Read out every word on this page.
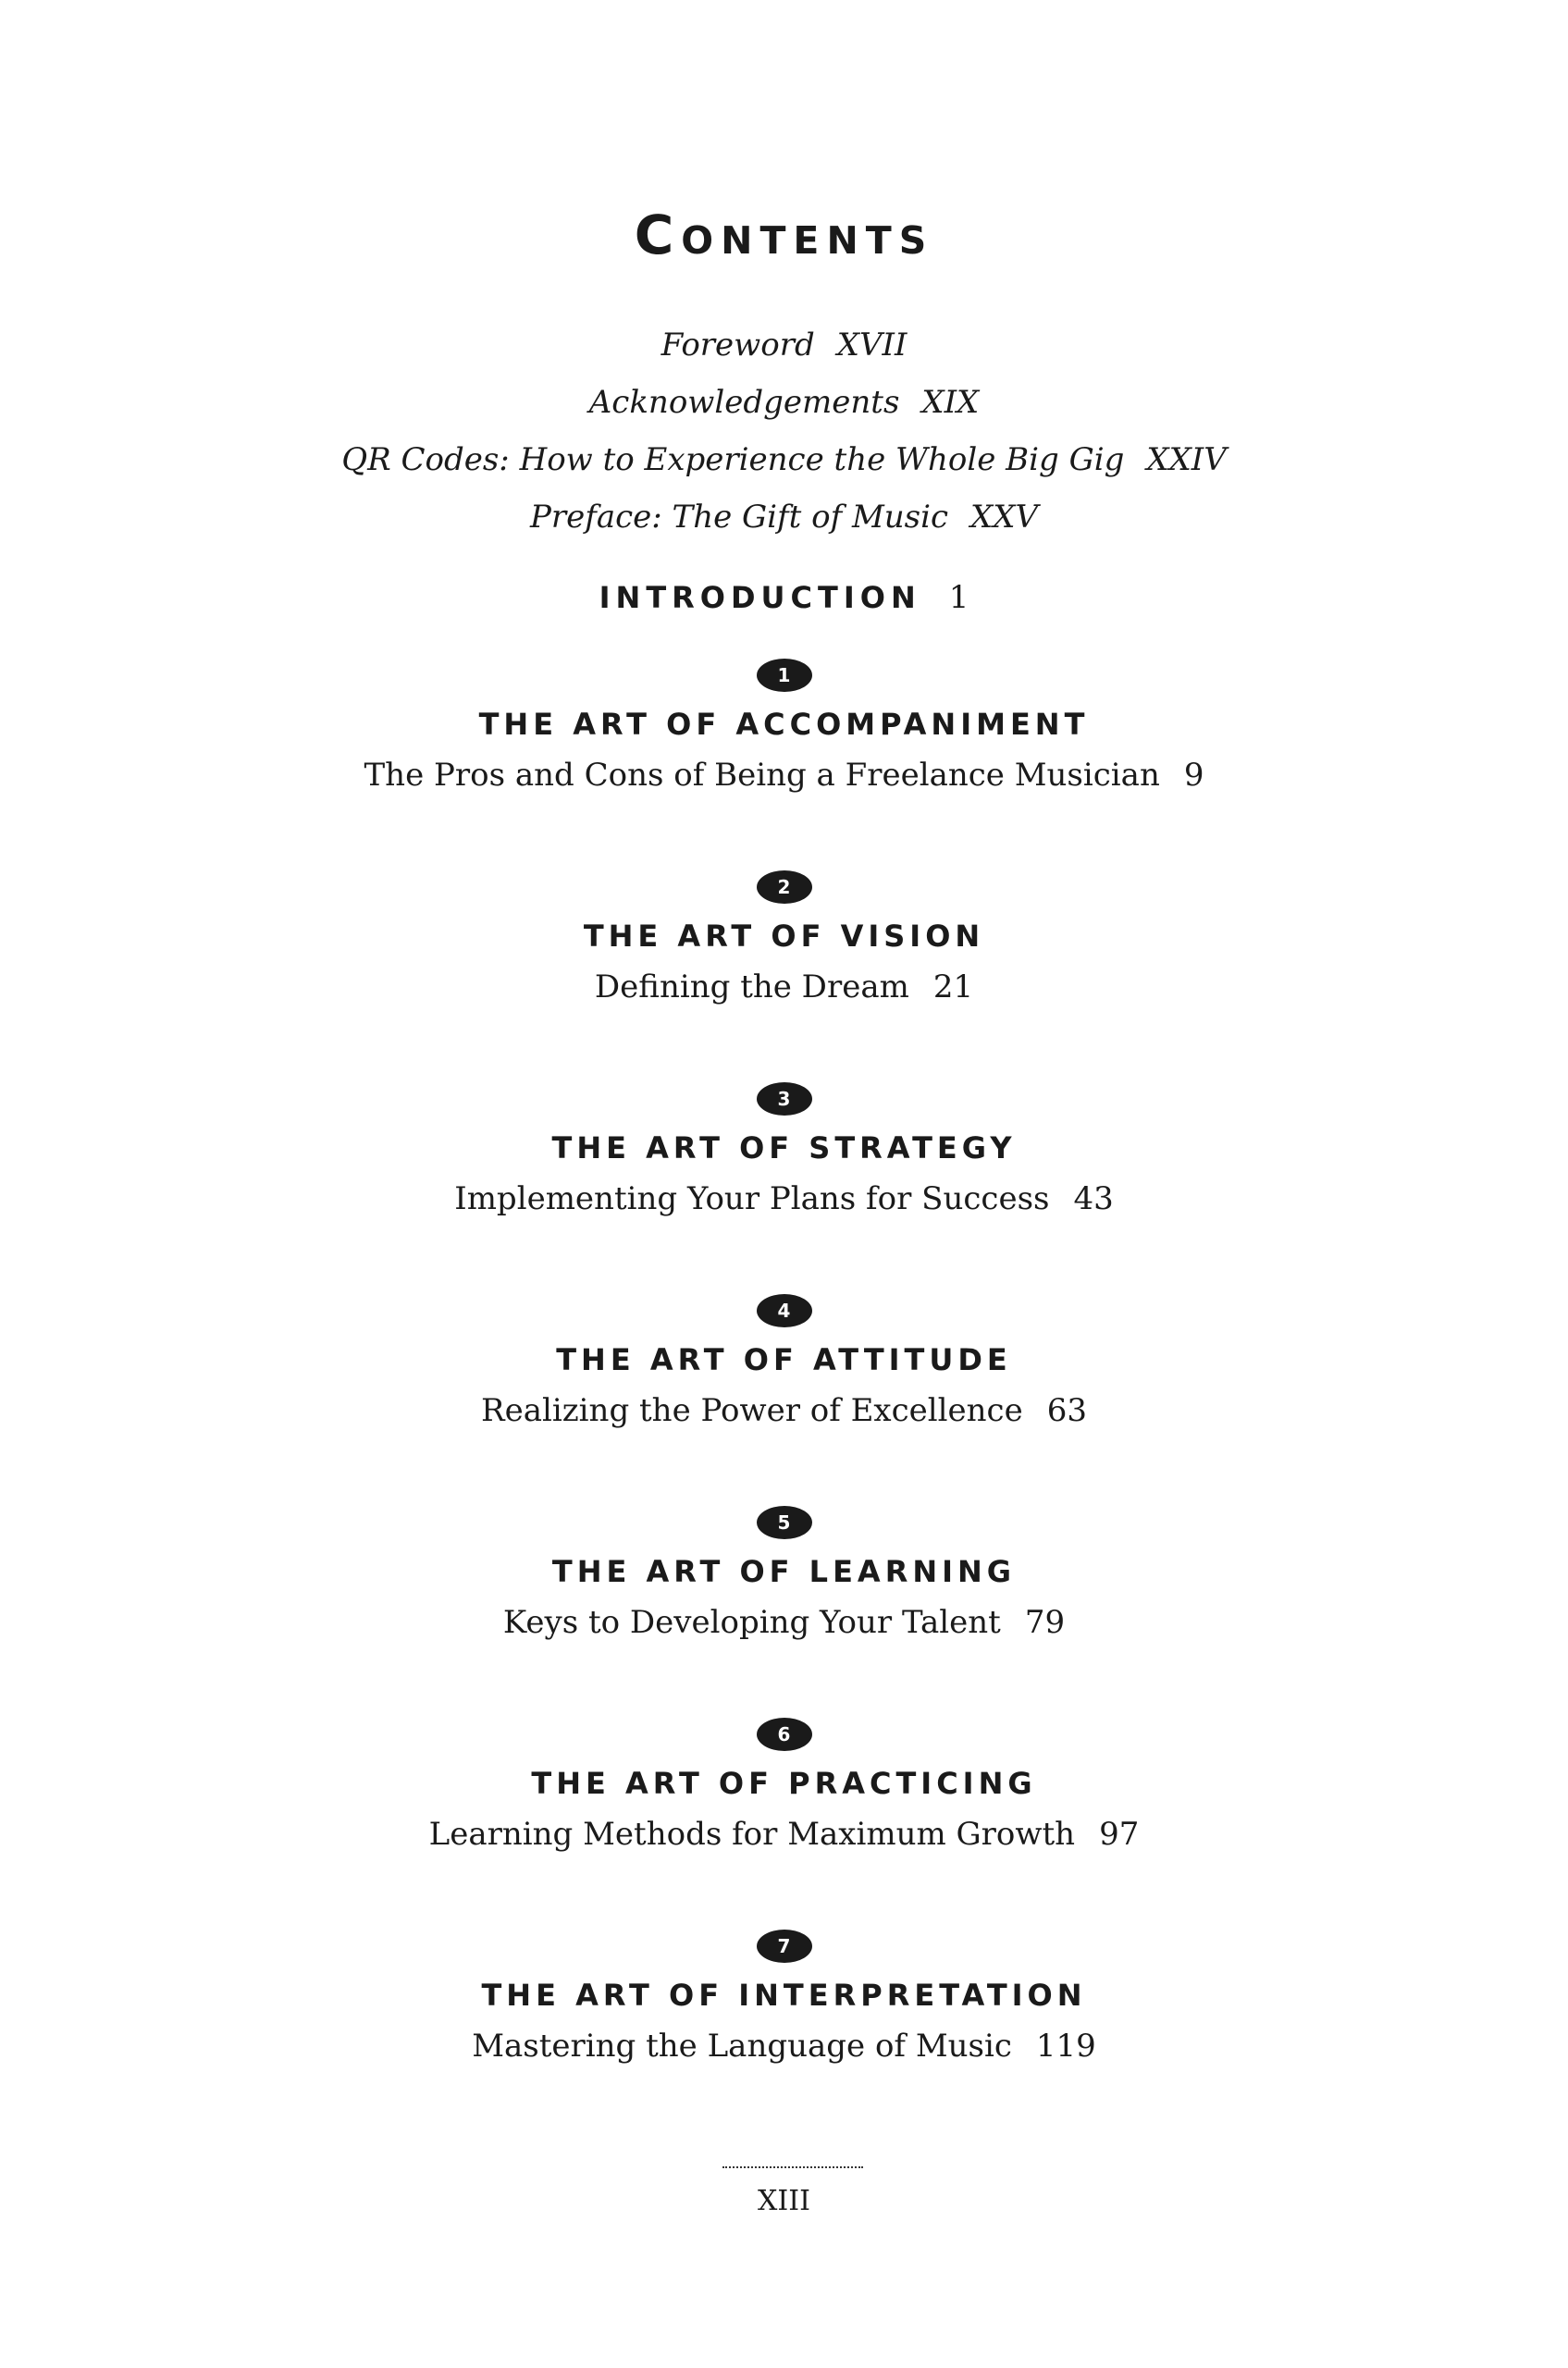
Contents
Foreword XVII
Acknowledgements XIX
QR Codes: How to Experience the Whole Big Gig XXIV
Preface: The Gift of Music XXV
INTRODUCTION 1
1
THE ART OF ACCOMPANIMENT
The Pros and Cons of Being a Freelance Musician 9
2
THE ART OF VISION
Defining the Dream 21
3
THE ART OF STRATEGY
Implementing Your Plans for Success 43
4
THE ART OF ATTITUDE
Realizing the Power of Excellence 63
5
THE ART OF LEARNING
Keys to Developing Your Talent 79
6
THE ART OF PRACTICING
Learning Methods for Maximum Growth 97
7
THE ART OF INTERPRETATION
Mastering the Language of Music 119
XIII
